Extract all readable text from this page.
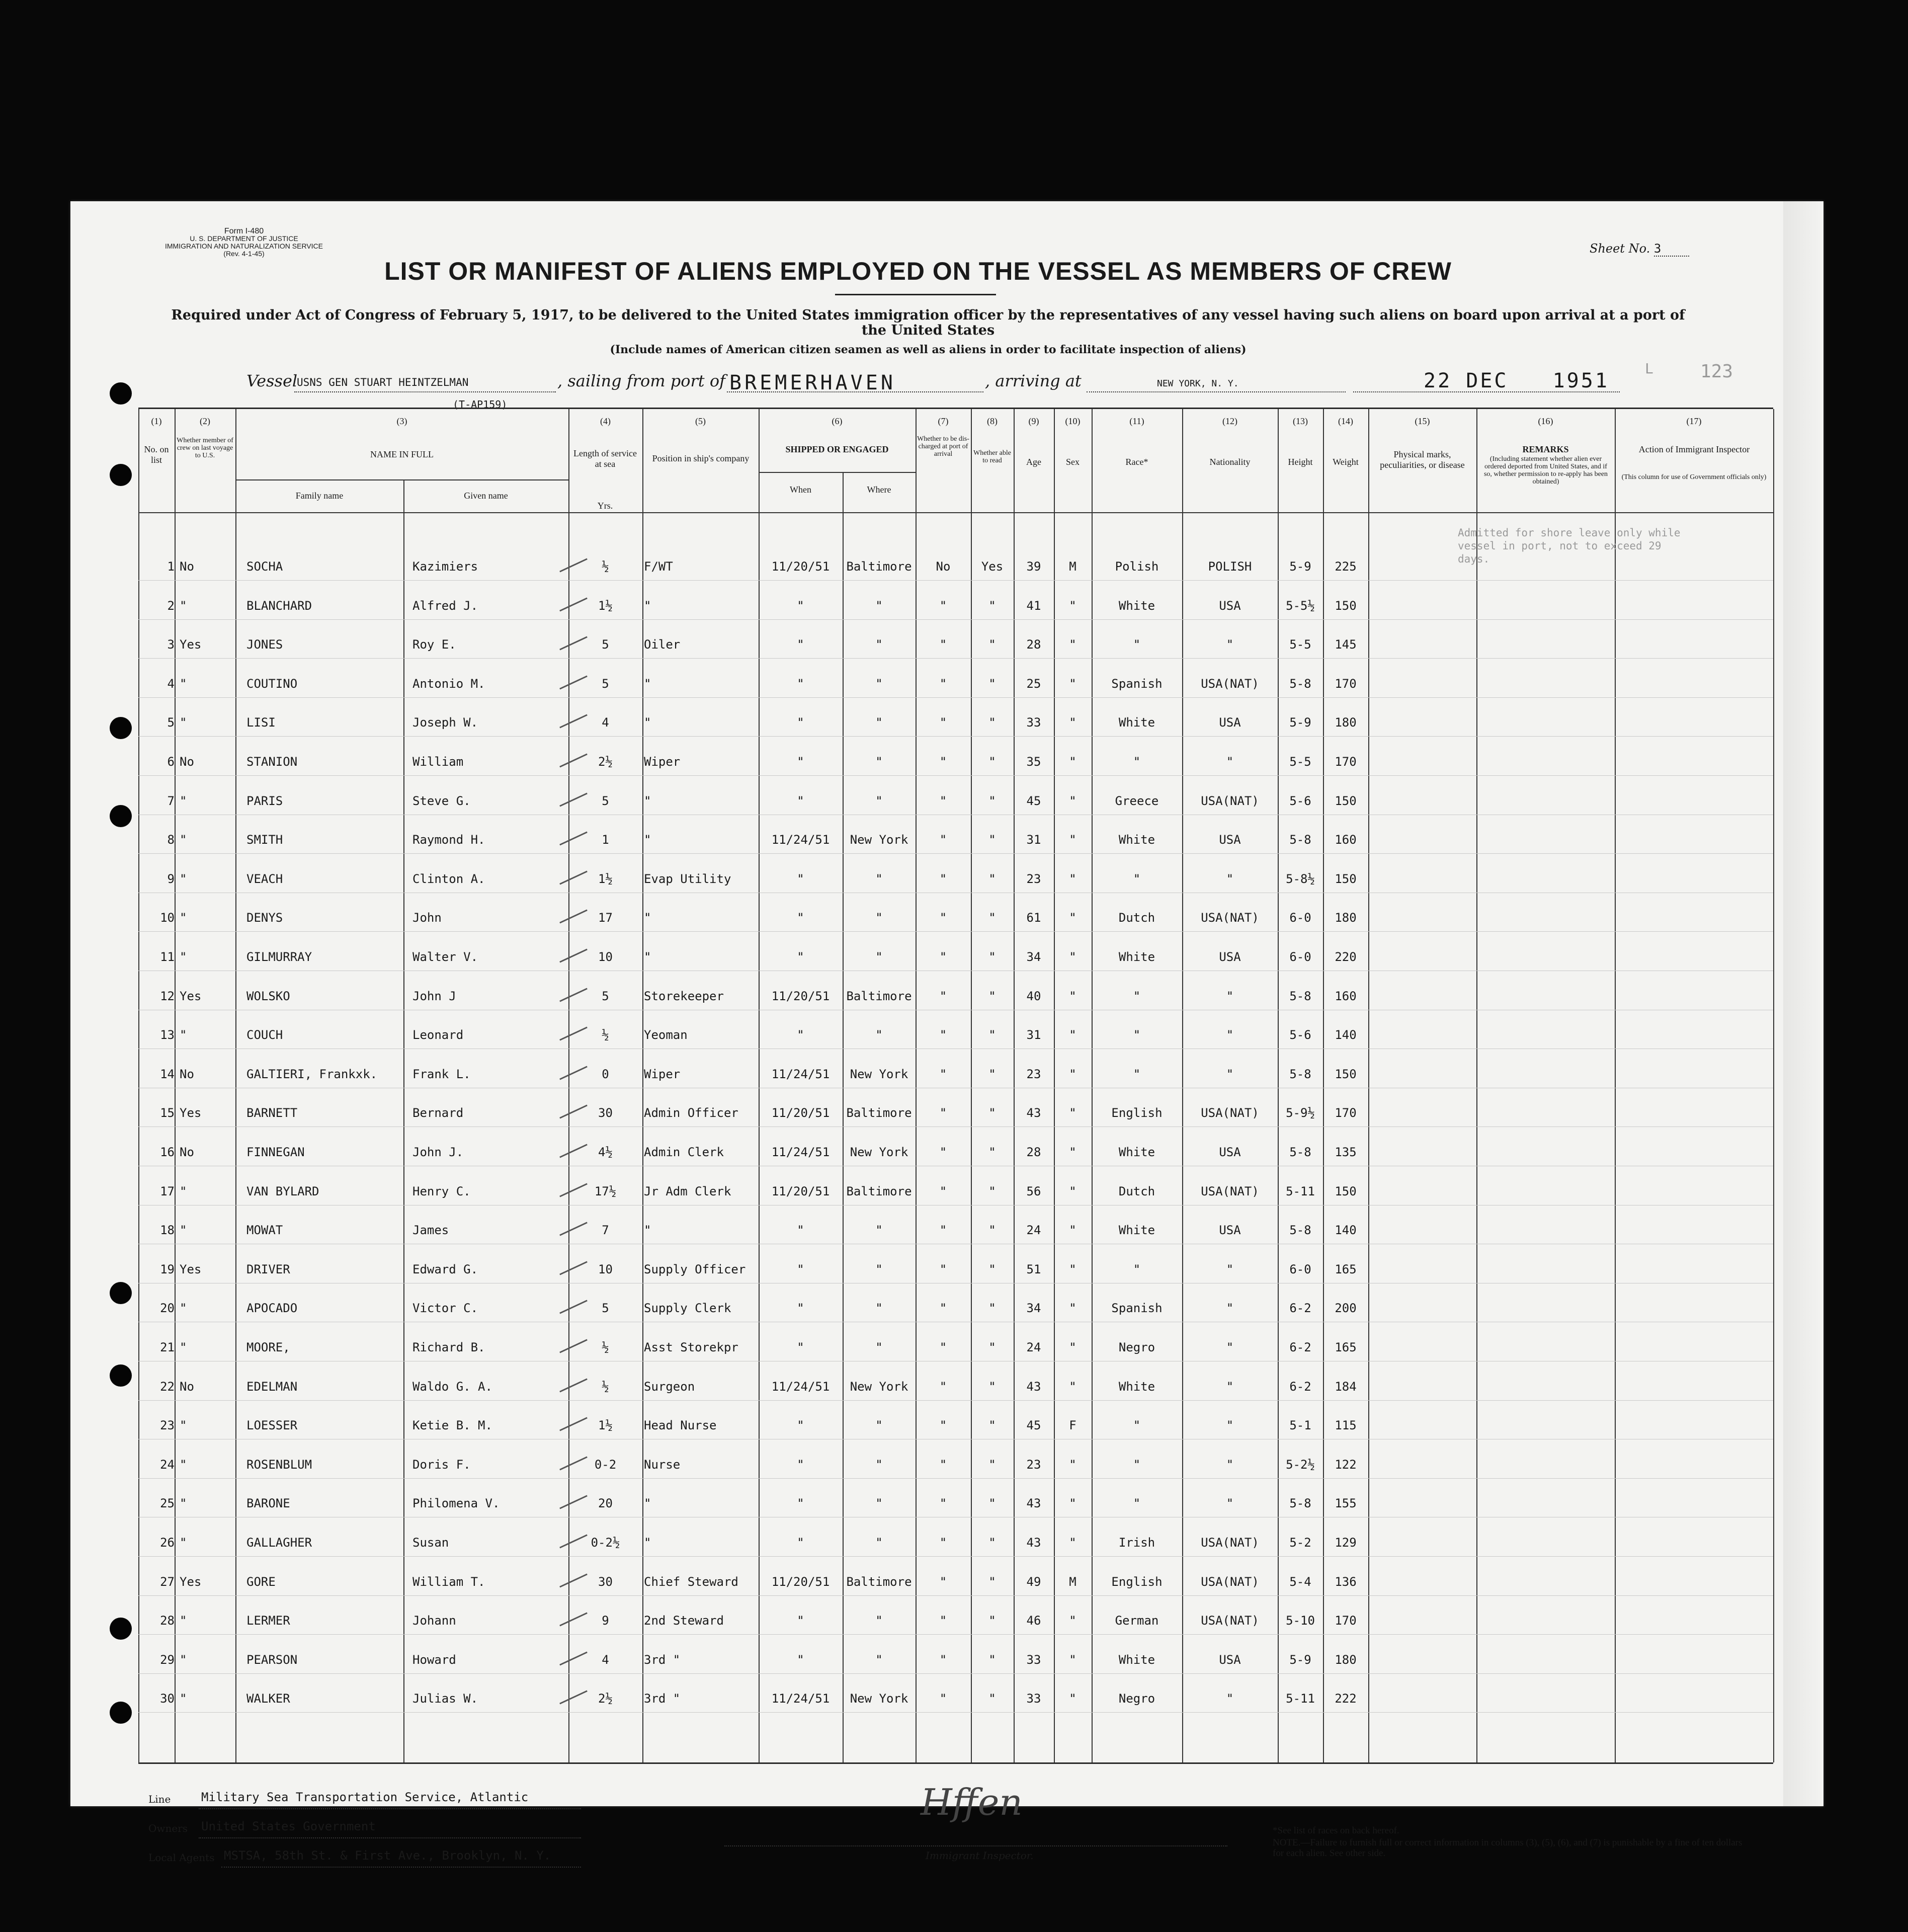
Form I-480
U. S. DEPARTMENT OF JUSTICE
IMMIGRATION AND NATURALIZATION SERVICE
(Rev. 4-1-45)	Sheet No. 3
LIST OR MANIFEST OF ALIENS EMPLOYED ON THE VESSEL AS MEMBERS OF CREW
Required under Act of Congress of February 5, 1917, to be delivered to the United States immigration officer by the representatives of any vessel having such aliens on board upon arrival at a port of the United States
(Include names of American citizen seamen as well as aliens in order to facilitate inspection of aliens)
Vessel
USNS GEN STUART HEINTZELMAN
(T-AP159)
, sailing from port of BREMERHAVEN	, arriving at	NEW YORK, N. Y.	22 DEC 1951
L	123
(1)	(2)	(3)	(4)	(5)	(6)	(7)	(8)	(9)	(10)	(11)	(12)	(13)	(14)	(15)	(16)	(17)
No. on list
Whether member of crew on last voyage to U.S.	NAME IN FULL
Family name	Given name
Length of service at sea
Yrs.
Position in ship's company
SHIPPED OR ENGAGED
When	Where
Whether to be dis-charged at port of arrival	Whether able to read	Age	Sex	Race*	Nationality	Height	Weight
Physical marks, peculiarities, or disease
REMARKS
(Including statement whether alien ever ordered deported from United States, and if so, whether permission to re-apply has been obtained)
Action of Immigrant Inspector
(This column for use of Government officials only)
Admitted for shore leave only while vessel in port, not to exceed 29 days.
1 No	SOCHA	Kazimiers	½	F/WT	11/20/51	Baltimore	No	Yes	39	M	Polish	POLISH	5-9	225
2 "	BLANCHARD	Alfred J.	1½	"	"	"	"	"	41	"	White	USA	5-5½	150
3 Yes	JONES	Roy E.	5	Oiler	"	"	"	"	28	"	"	"	5-5	145
4 "	COUTINO	Antonio M.	5	"	"	"	"	"	25	"	Spanish	USA(NAT)	5-8	170
5 "	LISI	Joseph W.	4	"	"	"	"	"	33	"	White	USA	5-9	180
6 No	STANION	William	2½	Wiper	"	"	"	"	35	"	"	"	5-5	170
7 "	PARIS	Steve G.	5	"	"	"	"	"	45	"	Greece	USA(NAT)	5-6	150
8 "	SMITH	Raymond H.	1	"	11/24/51	New York	"	"	31	"	White	USA	5-8	160
9 "	VEACH	Clinton A.	1½	Evap Utility	"	"	"	"	23	"	"	"	5-8½	150
10 "	DENYS	John	17	"	"	"	"	"	61	"	Dutch	USA(NAT)	6-0	180
11 "	GILMURRAY	Walter V.	10	"	"	"	"	"	34	"	White	USA	6-0	220
12 Yes	WOLSKO	John J	5	Storekeeper	11/20/51	Baltimore	"	"	40	"	"	"	5-8	160
13 "	COUCH	Leonard	½	Yeoman	"	"	"	"	31	"	"	"	5-6	140
14 No	GALTIERI, Frankxk.	Frank L.	0	Wiper	11/24/51	New York	"	"	23	"	"	"	5-8	150
15 Yes	BARNETT	Bernard	30	Admin Officer	11/20/51	Baltimore	"	"	43	"	English	USA(NAT)	5-9½	170
16 No	FINNEGAN	John J.	4½	Admin Clerk	11/24/51	New York	"	"	28	"	White	USA	5-8	135
17 "	VAN BYLARD	Henry C.	17½	Jr Adm Clerk	11/20/51	Baltimore	"	"	56	"	Dutch	USA(NAT)	5-11	150
18 "	MOWAT	James	7	"	"	"	"	"	24	"	White	USA	5-8	140
19 Yes	DRIVER	Edward G.	10	Supply Officer	"	"	"	"	51	"	"	"	6-0	165
20 "	APOCADO	Victor C.	5	Supply Clerk	"	"	"	"	34	"	Spanish	"	6-2	200
21 "	MOORE,	Richard B.	½	Asst Storekpr	"	"	"	"	24	"	Negro	"	6-2	165
22 No	EDELMAN	Waldo G. A.	½	Surgeon	11/24/51	New York	"	"	43	"	White	"	6-2	184
23 "	LOESSER	Ketie B. M.	1½	Head Nurse	"	"	"	"	45	F	"	"	5-1	115
24 "	ROSENBLUM	Doris F.	0-2	Nurse	"	"	"	"	23	"	"	"	5-2½	122
25 "	BARONE	Philomena V.	20	"	"	"	"	"	43	"	"	"	5-8	155
26 "	GALLAGHER	Susan	0-2½	"	"	"	"	"	43	"	Irish	USA(NAT)	5-2	129
27 Yes	GORE	William T.	30	Chief Steward	11/20/51	Baltimore	"	"	49	M	English	USA(NAT)	5-4	136
28 "	LERMER	Johann	9	2nd Steward	"	"	"	"	46	"	German	USA(NAT)	5-10	170
29 "	PEARSON	Howard	4	3rd "	"	"	"	"	33	"	White	USA	5-9	180
30 "	WALKER	Julias W.	2½	3rd "	11/24/51	New York	"	"	33	"	Negro	"	5-11	222
Line	Military Sea Transportation Service, Atlantic
Owners United States Government
Local Agents MSTSA, 58th St. & First Ave., Brooklyn, N. Y.
Hffen
Immigrant Inspector.
*See list of races on back hereof.
NOTE.—Failure to furnish full or correct information in columns (3), (5), (6), and (7) is punishable by a fine of ten dollars for each alien. See other side.
